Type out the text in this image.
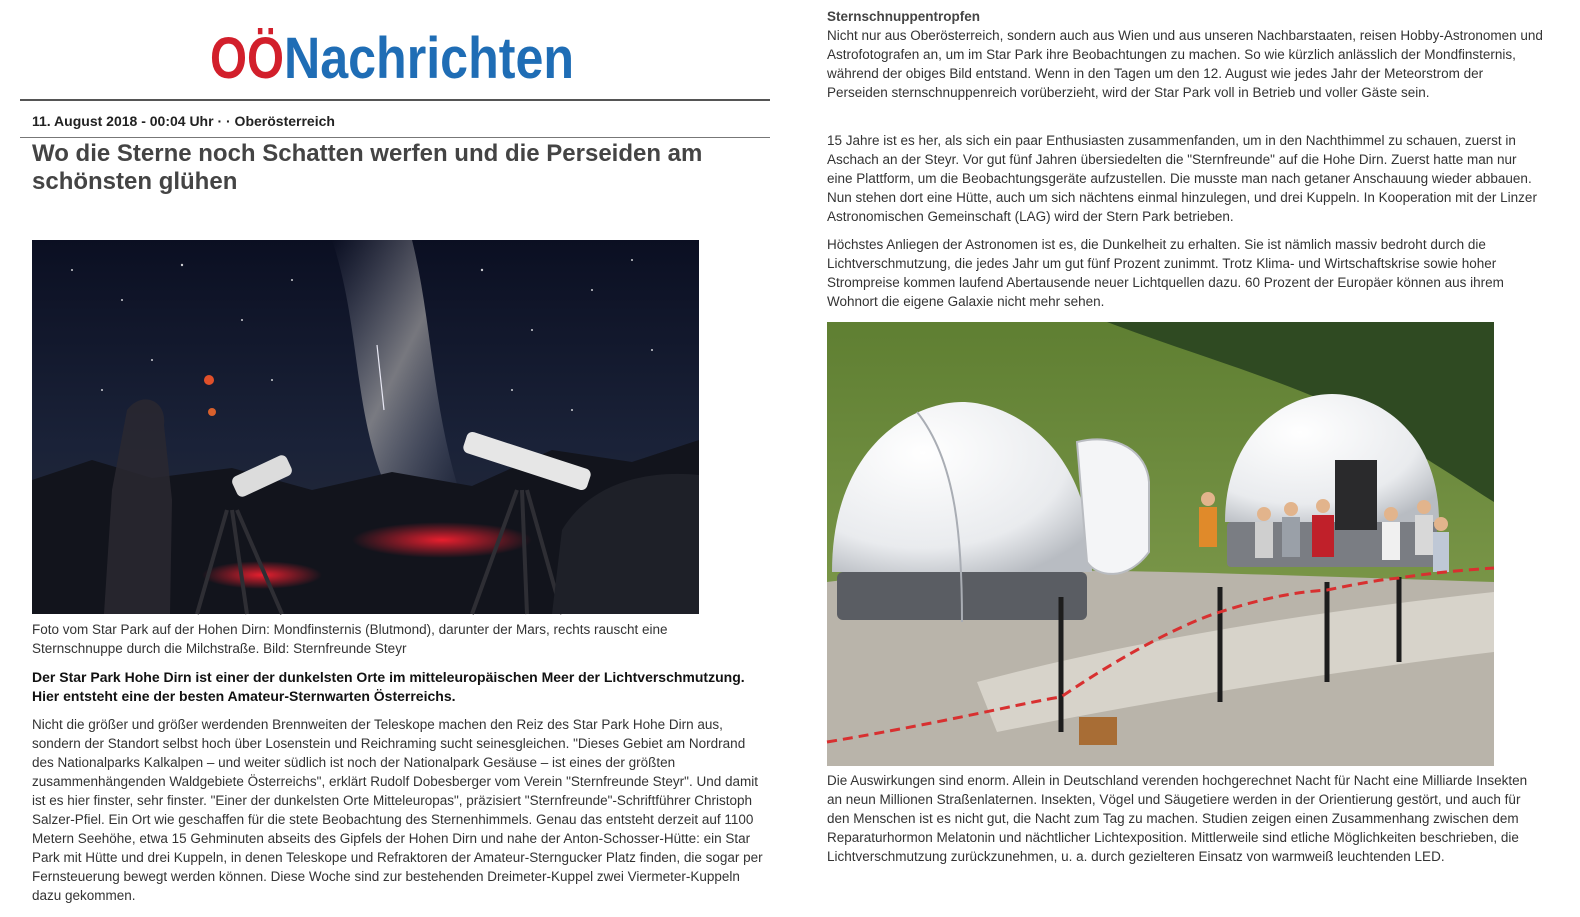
OÖ Nachrichten
11. August 2018 - 00:04 Uhr · · Oberösterreich
Wo die Sterne noch Schatten werfen und die Perseiden am schönsten glühen
Foto vom Star Park auf der Hohen Dirn: Mondfinsternis (Blutmond), darunter der Mars, rechts rauscht eine Sternschnuppe durch die Milchstraße. Bild: Sternfreunde Steyr
Der Star Park Hohe Dirn ist einer der dunkelsten Orte im mitteleuropäischen Meer der Lichtverschmutzung. Hier entsteht eine der besten Amateur-Sternwarten Österreichs.
Nicht die größer und größer werdenden Brennweiten der Teleskope machen den Reiz des Star Park Hohe Dirn aus, sondern der Standort selbst hoch über Losenstein und Reichraming sucht seinesgleichen. "Dieses Gebiet am Nordrand des Nationalparks Kalkalpen – und weiter südlich ist noch der Nationalpark Gesäuse – ist eines der größten zusammenhängenden Waldgebiete Österreichs", erklärt Rudolf Dobesberger vom Verein "Sternfreunde Steyr". Und damit ist es hier finster, sehr finster. "Einer der dunkelsten Orte Mitteleuropas", präzisiert "Sternfreunde"-Schriftführer Christoph Salzer-Pfiel. Ein Ort wie geschaffen für die stete Beobachtung des Sternenhimmels. Genau das entsteht derzeit auf 1100 Metern Seehöhe, etwa 15 Gehminuten abseits des Gipfels der Hohen Dirn und nahe der Anton-Schosser-Hütte: ein Star Park mit Hütte und drei Kuppeln, in denen Teleskope und Refraktoren der Amateur-Sterngucker Platz finden, die sogar per Fernsteuerung bewegt werden können. Diese Woche sind zur bestehenden Dreimeter-Kuppel zwei Viermeter-Kuppeln dazu gekommen.
Sternschnuppentropfen

Nicht nur aus Oberösterreich, sondern auch aus Wien und aus unseren Nachbarstaaten, reisen Hobby-Astronomen und Astrofotografen an, um im Star Park ihre Beobachtungen zu machen. So wie kürzlich anlässlich der Mondfinsternis, während der obiges Bild entstand. Wenn in den Tagen um den 12. August wie jedes Jahr der Meteorstrom der Perseiden sternschnuppenreich vorüberzieht, wird der Star Park voll in Betrieb und voller Gäste sein.

15 Jahre ist es her, als sich ein paar Enthusiasten zusammenfanden, um in den Nachthimmel zu schauen, zuerst in Aschach an der Steyr. Vor gut fünf Jahren übersiedelten die "Sternfreunde" auf die Hohe Dirn. Zuerst hatte man nur eine Plattform, um die Beobachtungsgeräte aufzustellen. Die musste man nach getaner Anschauung wieder abbauen. Nun stehen dort eine Hütte, auch um sich nächtens einmal hinzulegen, und drei Kuppeln. In Kooperation mit der Linzer Astronomischen Gemeinschaft (LAG) wird der Stern Park betrieben.

Höchstes Anliegen der Astronomen ist es, die Dunkelheit zu erhalten. Sie ist nämlich massiv bedroht durch die Lichtverschmutzung, die jedes Jahr um gut fünf Prozent zunimmt. Trotz Klima- und Wirtschaftskrise sowie hoher Strompreise kommen laufend Abertausende neuer Lichtquellen dazu. 60 Prozent der Europäer können aus ihrem Wohnort die eigene Galaxie nicht mehr sehen.

Die Auswirkungen sind enorm. Allein in Deutschland verenden hochgerechnet Nacht für Nacht eine Milliarde Insekten an neun Millionen Straßenlaternen. Insekten, Vögel und Säugetiere werden in der Orientierung gestört, und auch für den Menschen ist es nicht gut, die Nacht zum Tag zu machen. Studien zeigen einen Zusammenhang zwischen dem Reparaturhormon Melatonin und nächtlicher Lichtexposition. Mittlerweile sind etliche Möglichkeiten beschrieben, die Lichtverschmutzung zurückzunehmen, u. a. durch gezielteren Einsatz von warmweiß leuchtenden LED.
